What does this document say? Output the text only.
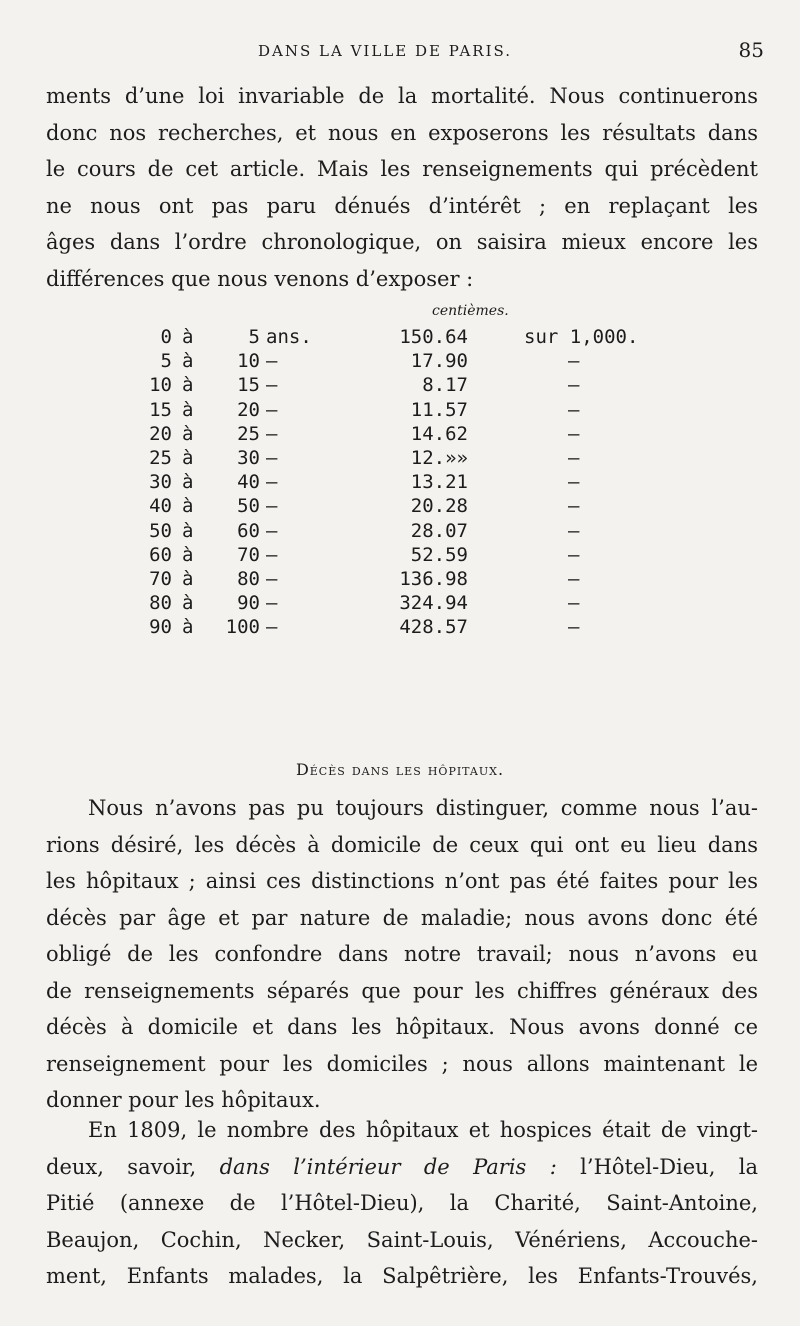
DANS LA VILLE DE PARIS.	85
ments d’une loi invariable de la mortalité. Nous continuerons
donc nos recherches, et nous en exposerons les résultats dans
le cours de cet article. Mais les renseignements qui précèdent
ne nous ont pas paru dénués d’intérêt ; en replaçant les
âges dans l’ordre chronologique, on saisira mieux encore les
différences que nous venons d’exposer :
centièmes.
0 à	5 ans.	150.64	sur 1,000.
5 à	10 —	17.90	—
10 à	15 —	8.17	—
15 à	20 —	11.57	—
20 à	25 —	14.62	—
25 à	30 —	12.»»	—
30 à	40 —	13.21	—
40 à	50 —	20.28	—
50 à	60 —	28.07	—
60 à	70 —	52.59	—
70 à	80 —	136.98	—
80 à	90 —	324.94	—
90 à	100 —	428.57	—
Décès dans les hôpitaux.
Nous n’avons pas pu toujours distinguer, comme nous l’au-
rions désiré, les décès à domicile de ceux qui ont eu lieu dans
les hôpitaux ; ainsi ces distinctions n’ont pas été faites pour les
décès par âge et par nature de maladie; nous avons donc été
obligé de les confondre dans notre travail; nous n’avons eu
de renseignements séparés que pour les chiffres généraux des
décès à domicile et dans les hôpitaux. Nous avons donné ce
renseignement pour les domiciles ; nous allons maintenant le
donner pour les hôpitaux.
En 1809, le nombre des hôpitaux et hospices était de vingt-
deux, savoir, dans l’intérieur de Paris : l’Hôtel-Dieu, la
Pitié (annexe de l’Hôtel-Dieu), la Charité, Saint-Antoine,
Beaujon, Cochin, Necker, Saint-Louis, Vénériens, Accouche-
ment, Enfants malades, la Salpêtrière, les Enfants-Trouvés,
